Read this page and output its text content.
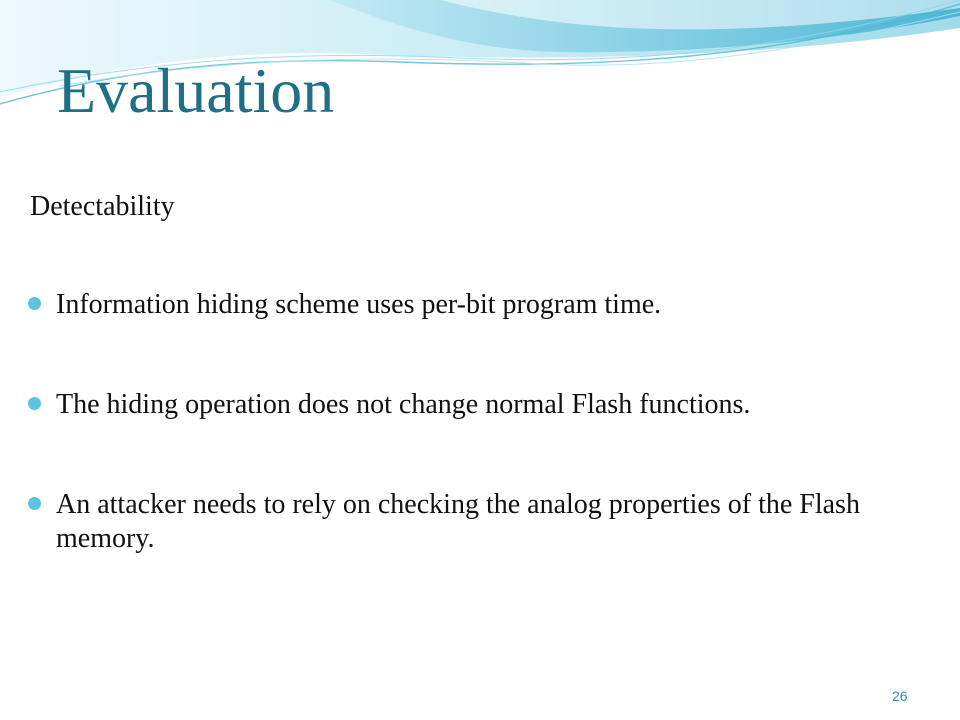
Evaluation
Detectability
Information hiding scheme uses per-bit program time.
The hiding operation does not change normal Flash functions.
An attacker needs to rely on checking the analog properties of the Flash memory.
26
